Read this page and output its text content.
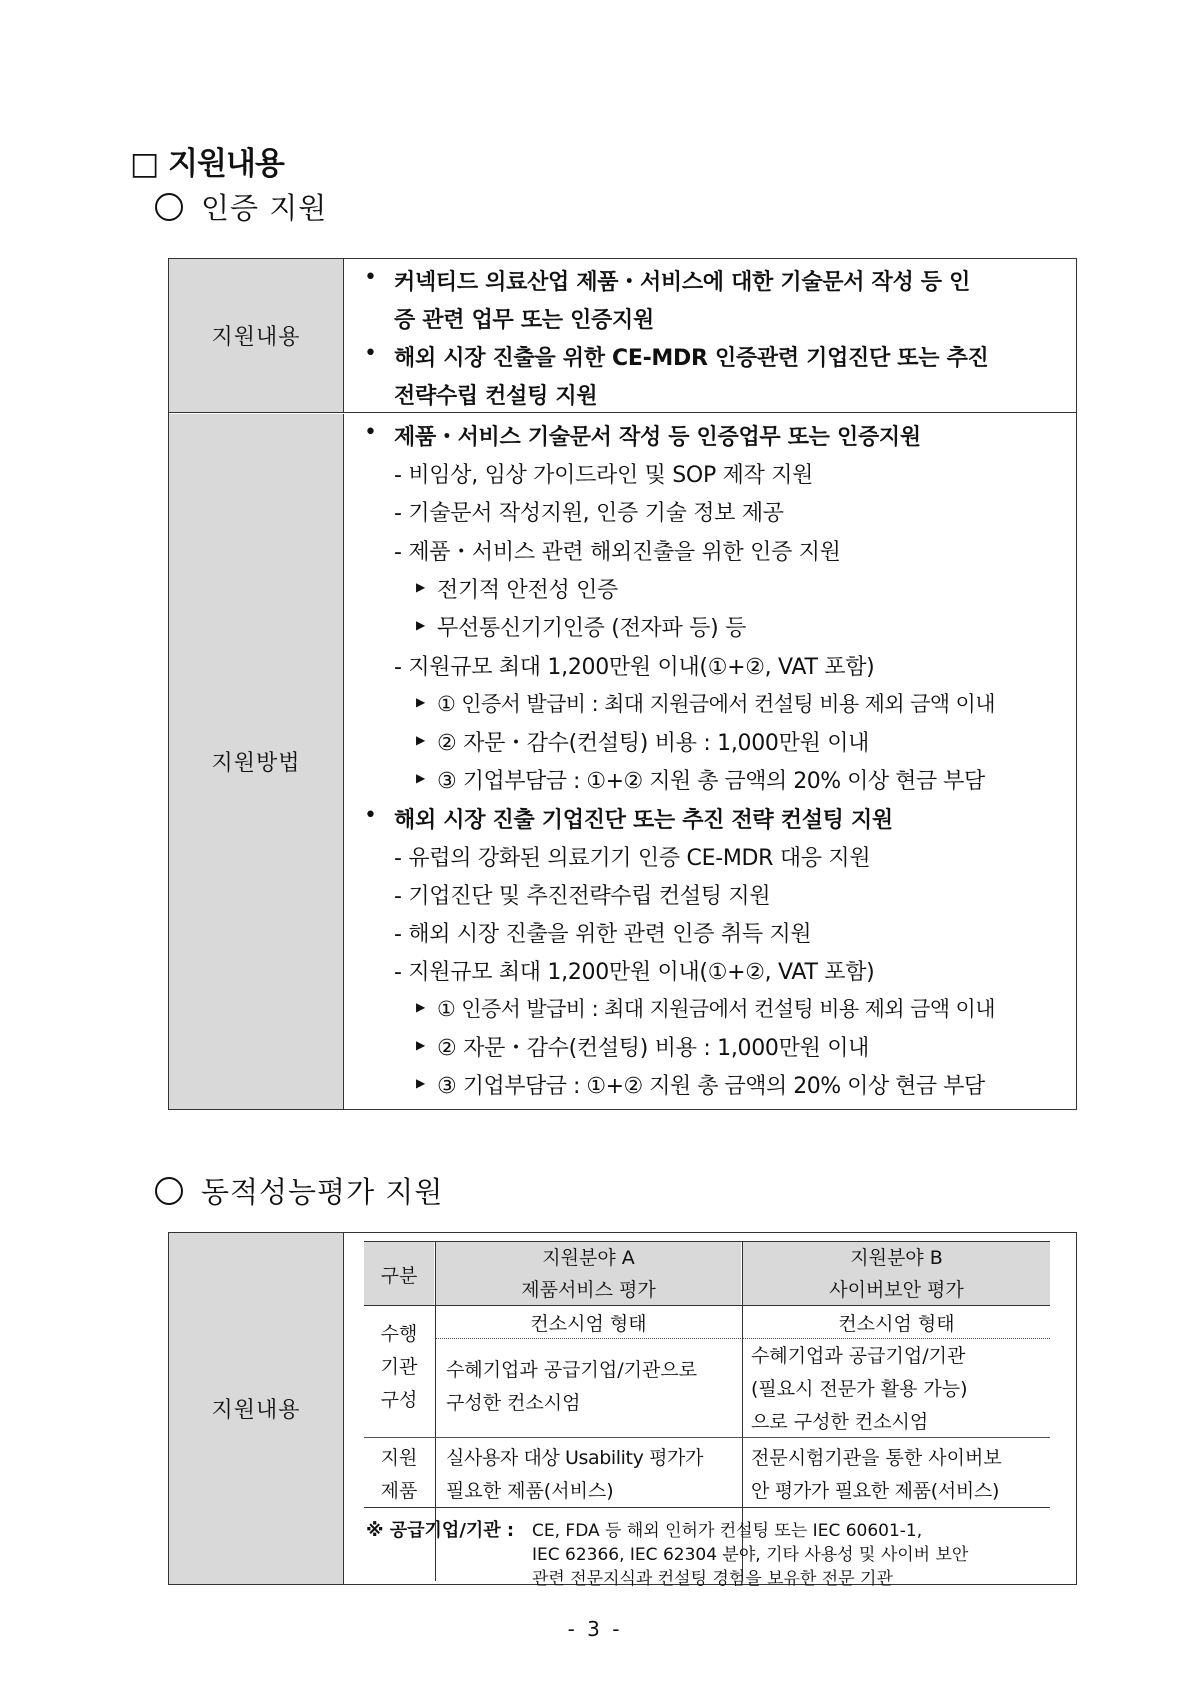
□ 지원내용
인증 지원
지원내용
지원방법
• 커넥티드 의료산업 제품・서비스에 대한 기술문서 작성 등 인
증 관련 업무 또는 인증지원
• 해외 시장 진출을 위한 CE-MDR 인증관련 기업진단 또는 추진
전략수립 컨설팅 지원
• 제품・서비스 기술문서 작성 등 인증업무 또는 인증지원
- 비임상, 임상 가이드라인 및 SOP 제작 지원
- 기술문서 작성지원, 인증 기술 정보 제공
- 제품・서비스 관련 해외진출을 위한 인증 지원
▶ 전기적 안전성 인증
▶ 무선통신기기인증 (전자파 등) 등
- 지원규모 최대 1,200만원 이내(①+②, VAT 포함)
▶ ① 인증서 발급비 : 최대 지원금에서 컨설팅 비용 제외 금액 이내
▶ ② 자문・감수(컨설팅) 비용 : 1,000만원 이내
▶ ③ 기업부담금 : ①+② 지원 총 금액의 20% 이상 현금 부담
• 해외 시장 진출 기업진단 또는 추진 전략 컨설팅 지원
- 유럽의 강화된 의료기기 인증 CE-MDR 대응 지원
- 기업진단 및 추진전략수립 컨설팅 지원
- 해외 시장 진출을 위한 관련 인증 취득 지원
- 지원규모 최대 1,200만원 이내(①+②, VAT 포함)
▶ ① 인증서 발급비 : 최대 지원금에서 컨설팅 비용 제외 금액 이내
▶ ② 자문・감수(컨설팅) 비용 : 1,000만원 이내
▶ ③ 기업부담금 : ①+② 지원 총 금액의 20% 이상 현금 부담
동적성능평가 지원
지원내용
구분
지원분야 A
제품서비스 평가
지원분야 B
사이버보안 평가
수행
기관
구성
컨소시엄 형태
수혜기업과 공급기업/기관으로
구성한 컨소시엄
컨소시엄 형태
수혜기업과 공급기업/기관
(필요시 전문가 활용 가능)
으로 구성한 컨소시엄
지원
제품
실사용자 대상 Usability 평가가
필요한 제품(서비스)
전문시험기관을 통한 사이버보
안 평가가 필요한 제품(서비스)
※ 공급기업/기관 : CE, FDA 등 해외 인허가 컨설팅 또는 IEC 60601-1,
IEC 62366, IEC 62304 분야, 기타 사용성 및 사이버 보안
관련 전문지식과 컨설팅 경험을 보유한 전문 기관
- 3 -
